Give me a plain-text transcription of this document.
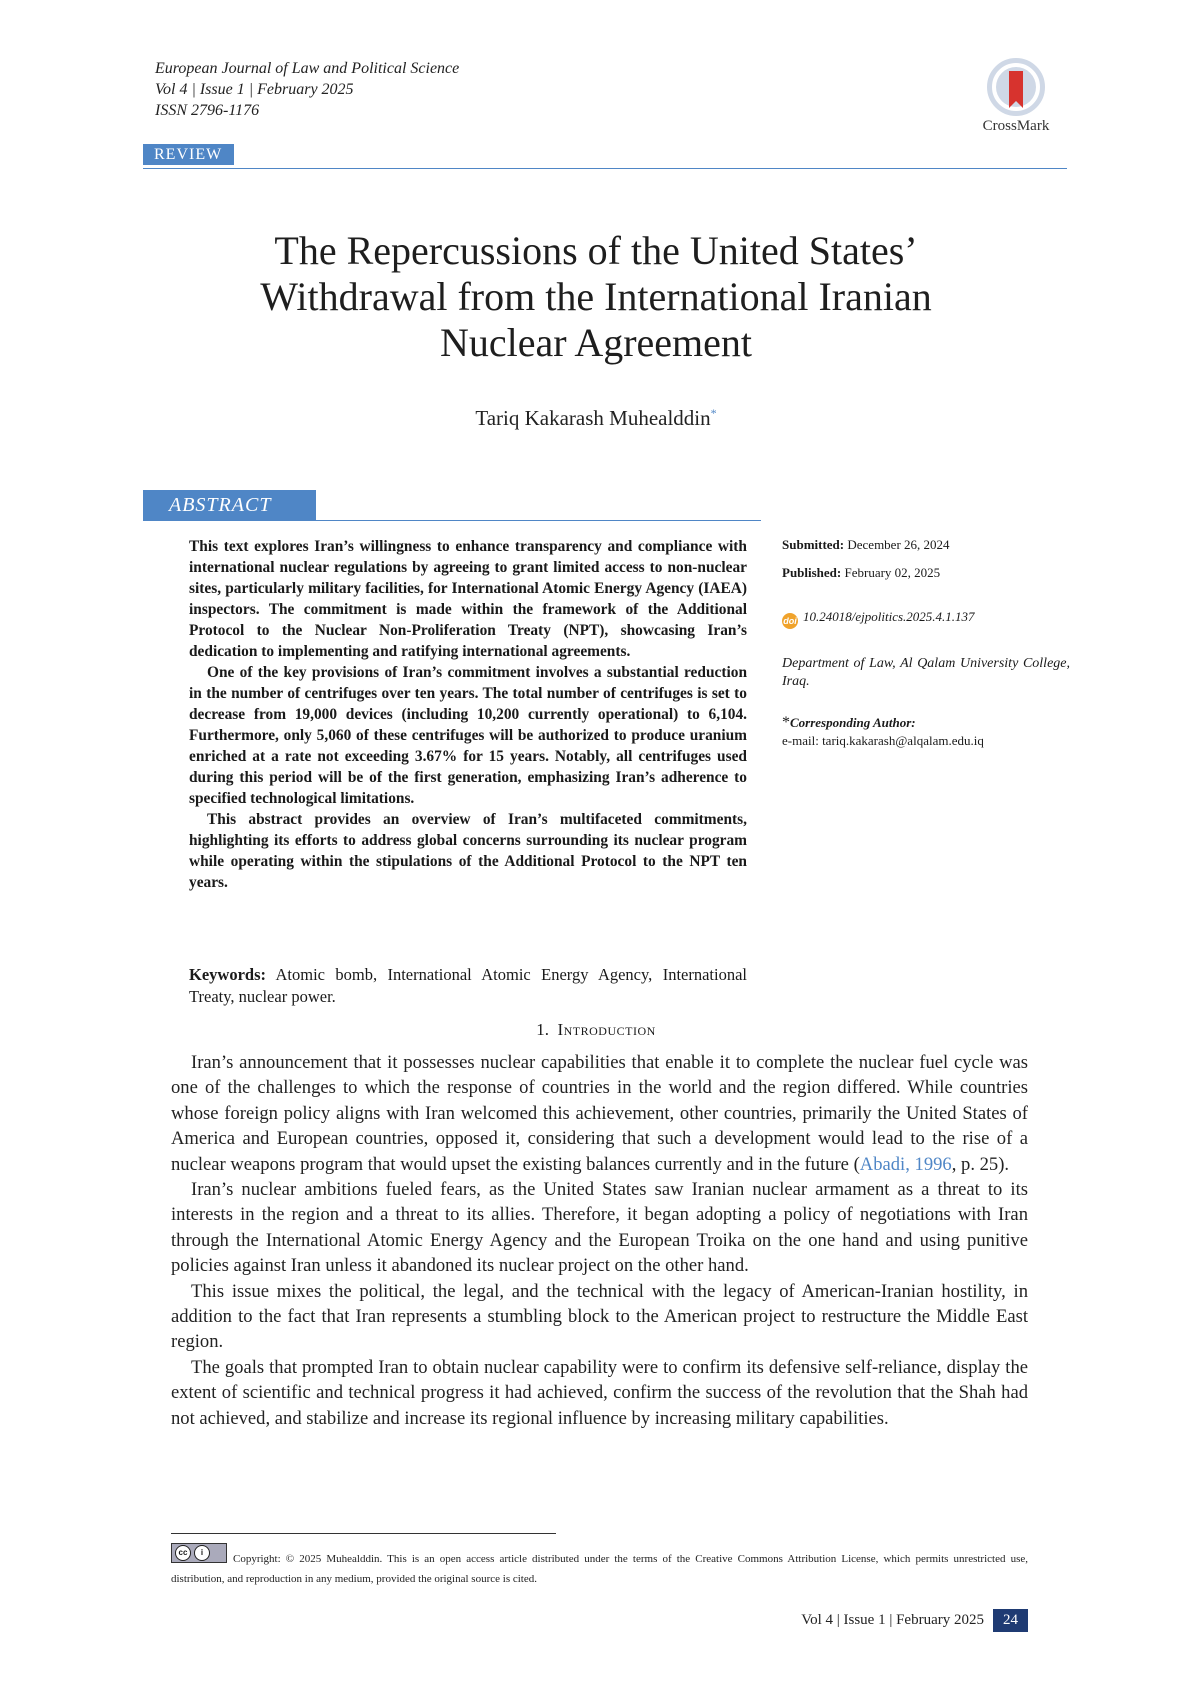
European Journal of Law and Political Science
Vol 4 | Issue 1 | February 2025
ISSN 2796-1176
CrossMark
REVIEW
The Repercussions of the United States’
Withdrawal from the International Iranian
Nuclear Agreement
Tariq Kakarash Muhealddin*
ABSTRACT

This text explores Iran’s willingness to enhance transparency and compliance with international nuclear regulations by agreeing to grant limited access to non-nuclear sites, particularly military facilities, for International Atomic Energy Agency (IAEA) inspectors. The commitment is made within the framework of the Additional Protocol to the Nuclear Non-Proliferation Treaty (NPT), showcasing Iran’s dedication to implementing and ratifying international agreements.

One of the key provisions of Iran’s commitment involves a substantial reduction in the number of centrifuges over ten years. The total number of centrifuges is set to decrease from 19,000 devices (including 10,200 currently operational) to 6,104. Furthermore, only 5,060 of these centrifuges will be authorized to produce uranium enriched at a rate not exceeding 3.67% for 15 years. Notably, all centrifuges used during this period will be of the first generation, emphasizing Iran’s adherence to specified technological limitations.

This abstract provides an overview of Iran’s multifaceted commitments, highlighting its efforts to address global concerns surrounding its nuclear program while operating within the stipulations of the Additional Protocol to the NPT ten years.

Keywords: Atomic bomb, International Atomic Energy Agency, International Treaty, nuclear power.
Submitted: December 26, 2024
Published: February 02, 2025
doi 10.24018/ejpolitics.2025.4.1.137
Department of Law, Al Qalam University College, Iraq.
*Corresponding Author:
e-mail: tariq.kakarash@alqalam.edu.iq
1. Introduction

Iran’s announcement that it possesses nuclear capabilities that enable it to complete the nuclear fuel cycle was one of the challenges to which the response of countries in the world and the region differed. While countries whose foreign policy aligns with Iran welcomed this achievement, other countries, primarily the United States of America and European countries, opposed it, considering that such a development would lead to the rise of a nuclear weapons program that would upset the existing balances currently and in the future (Abadi, 1996, p. 25).

Iran’s nuclear ambitions fueled fears, as the United States saw Iranian nuclear armament as a threat to its interests in the region and a threat to its allies. Therefore, it began adopting a policy of negotiations with Iran through the International Atomic Energy Agency and the European Troika on the one hand and using punitive policies against Iran unless it abandoned its nuclear project on the other hand.

This issue mixes the political, the legal, and the technical with the legacy of American-Iranian hostility, in addition to the fact that Iran represents a stumbling block to the American project to restructure the Middle East region.

The goals that prompted Iran to obtain nuclear capability were to confirm its defensive self-reliance, display the extent of scientific and technical progress it had achieved, confirm the success of the revolution that the Shah had not achieved, and stabilize and increase its regional influence by increasing military capabilities.

cc	i
Copyright: © 2025 Muhealddin. This is an open access article distributed under the terms of the Creative Commons Attribution License, which permits unrestricted use, distribution, and reproduction in any medium, provided the original source is cited.
Vol 4 | Issue 1 | February 2025	24
